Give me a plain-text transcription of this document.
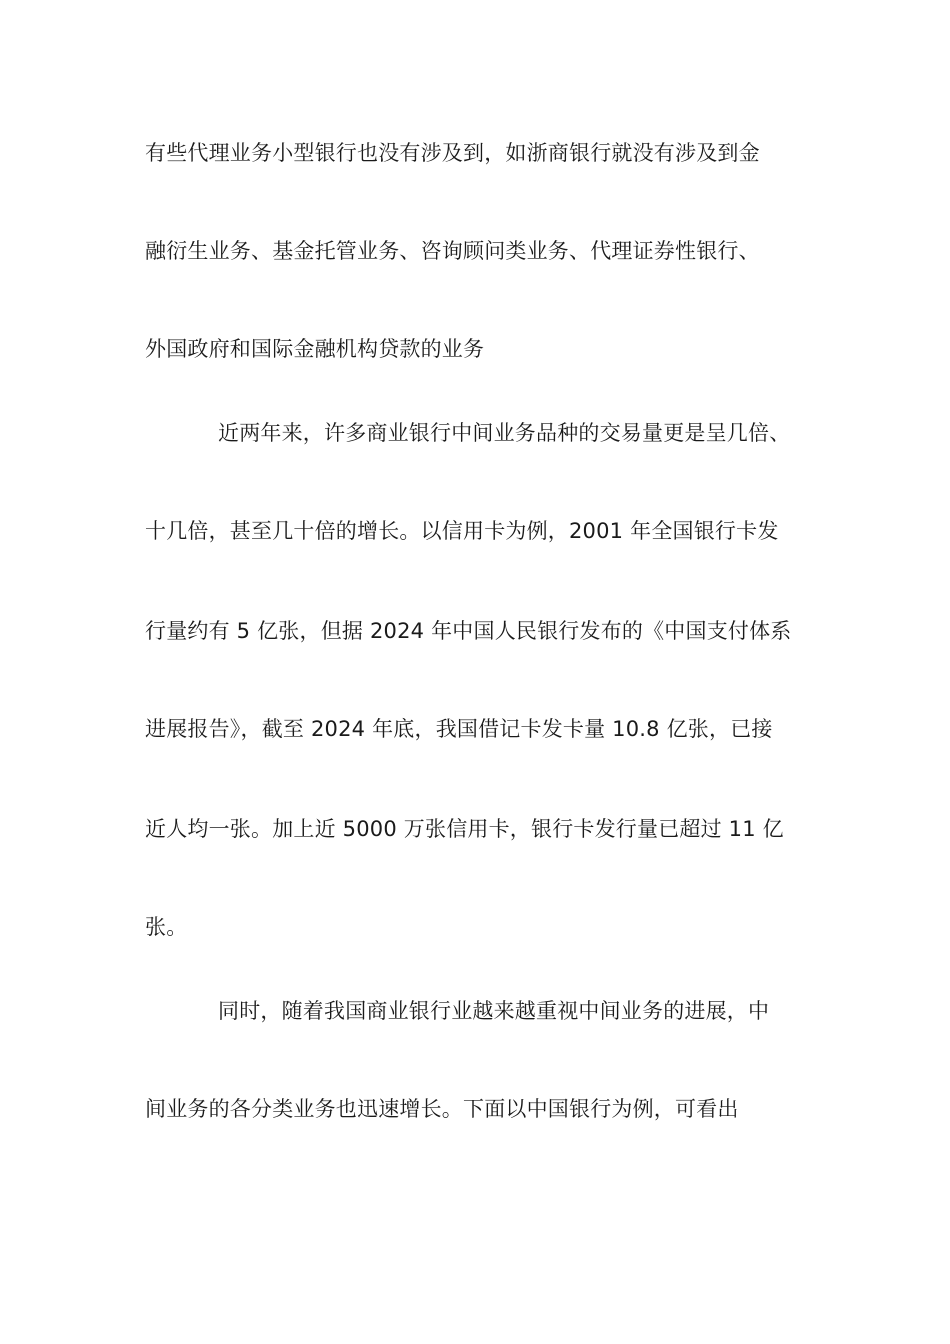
有些代理业务小型银行也没有涉及到，如浙商银行就没有涉及到金
融衍生业务、基金托管业务、咨询顾问类业务、代理证券性银行、
外国政府和国际金融机构贷款的业务
近两年来，许多商业银行中间业务品种的交易量更是呈几倍、
十几倍，甚至几十倍的增长。以信用卡为例，2001 年全国银行卡发
行量约有 5 亿张，但据 2024 年中国人民银行发布的《中国支付体系
进展报告》，截至 2024 年底，我国借记卡发卡量 10.8 亿张，已接
近人均一张。加上近 5000 万张信用卡，银行卡发行量已超过 11 亿
张。
同时，随着我国商业银行业越来越重视中间业务的进展，中
间业务的各分类业务也迅速增长。下面以中国银行为例，可看出
